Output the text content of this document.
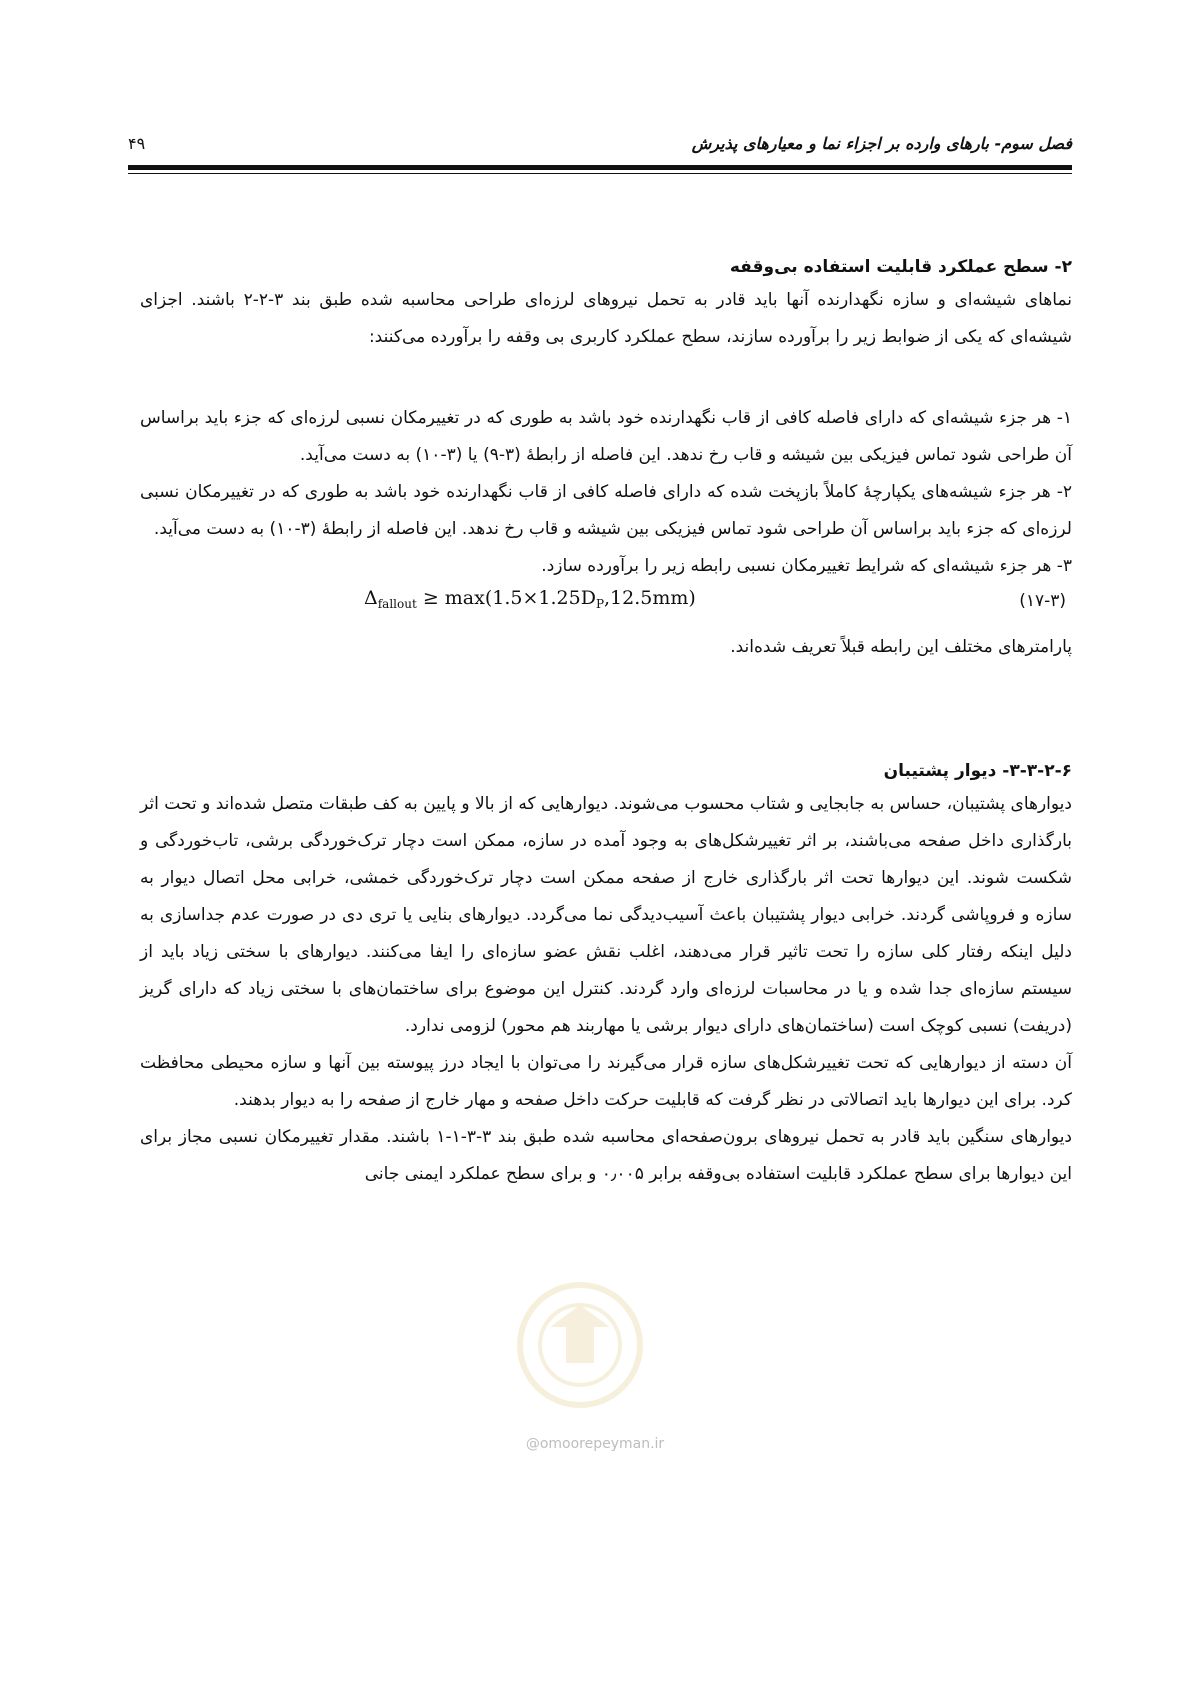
فصل سوم- بارهای وارده بر اجزاء نما و معیارهای پذیرش
۴۹
۲- سطح عملکرد قابلیت استفاده بی‌وقفه
نماهای شیشه‌ای و سازه نگهدارنده آنها باید قادر به تحمل نیروهای لرزه‌ای طراحی محاسبه شده طبق بند ۳-۲-۲ باشند. اجزای شیشه‌ای که یکی از ضوابط زیر را برآورده سازند، سطح عملکرد کاربری بی وقفه را برآورده می‌کنند:
۱- هر جزء شیشه‌ای که دارای فاصله کافی از قاب نگهدارنده خود باشد به طوری که در تغییرمکان نسبی لرزه‌ای که جزء باید براساس آن طراحی شود تماس فیزیکی بین شیشه و قاب رخ ندهد. این فاصله از رابطهٔ (۳-۹) یا (۳-۱۰) به دست می‌آید.
۲- هر جزء شیشه‌های یکپارچهٔ کاملاً بازپخت شده که دارای فاصله کافی از قاب نگهدارنده خود باشد به طوری که در تغییرمکان نسبی لرزه‌ای که جزء باید براساس آن طراحی شود تماس فیزیکی بین شیشه و قاب رخ ندهد. این فاصله از رابطهٔ (۳-۱۰) به دست می‌آید.
۳- هر جزء شیشه‌ای که شرایط تغییرمکان نسبی رابطه زیر را برآورده سازد.
$\Delta_{fallout} \ge \max(1.5\times 1.25D_P,12.5mm)$	(۱۷-۳)
پارامترهای مختلف این رابطه قبلاً تعریف شده‌اند.
۳-۳-۲-۶- دیوار پشتیبان
دیوارهای پشتیبان، حساس به جابجایی و شتاب محسوب می‌شوند. دیوارهایی که از بالا و پایین به کف طبقات متصل شده‌اند و تحت اثر بارگذاری داخل صفحه می‌باشند، بر اثر تغییرشکل‌های به وجود آمده در سازه، ممکن است دچار ترک‌خوردگی برشی، تاب‌خوردگی و شکست شوند. این دیوارها تحت اثر بارگذاری خارج از صفحه ممکن است دچار ترک‌خوردگی خمشی، خرابی محل اتصال دیوار به سازه و فروپاشی گردند. خرابی دیوار پشتیبان باعث آسیب‌دیدگی نما می‌گردد. دیوارهای بنایی یا تری دی در صورت عدم جداسازی به دلیل اینکه رفتار کلی سازه را تحت تاثیر قرار می‌دهند، اغلب نقش عضو سازه‌ای را ایفا می‌کنند. دیوارهای با سختی زیاد باید از سیستم سازه‌ای جدا شده و یا در محاسبات لرزه‌ای وارد گردند. کنترل این موضوع برای ساختمان‌های با سختی زیاد که دارای گریز (دریفت) نسبی کوچک است (ساختمان‌های دارای دیوار برشی یا مهاربند هم محور) لزومی ندارد.
آن دسته از دیوارهایی که تحت تغییرشکل‌های سازه قرار می‌گیرند را می‌توان با ایجاد درز پیوسته بین آنها و سازه محیطی محافظت کرد. برای این دیوارها باید اتصالاتی در نظر گرفت که قابلیت حرکت داخل صفحه و مهار خارج از صفحه را به دیوار بدهند.
دیوارهای سنگین باید قادر به تحمل نیروهای برون‌صفحه‌ای محاسبه شده طبق بند ۳-۳-۱-۱ باشند. مقدار تغییرمکان نسبی مجاز برای این دیوارها برای سطح عملکرد قابلیت استفاده بی‌وقفه برابر ۰٫۰۰۵ و برای سطح عملکرد ایمنی جانی
@omoorepeyman.ir
